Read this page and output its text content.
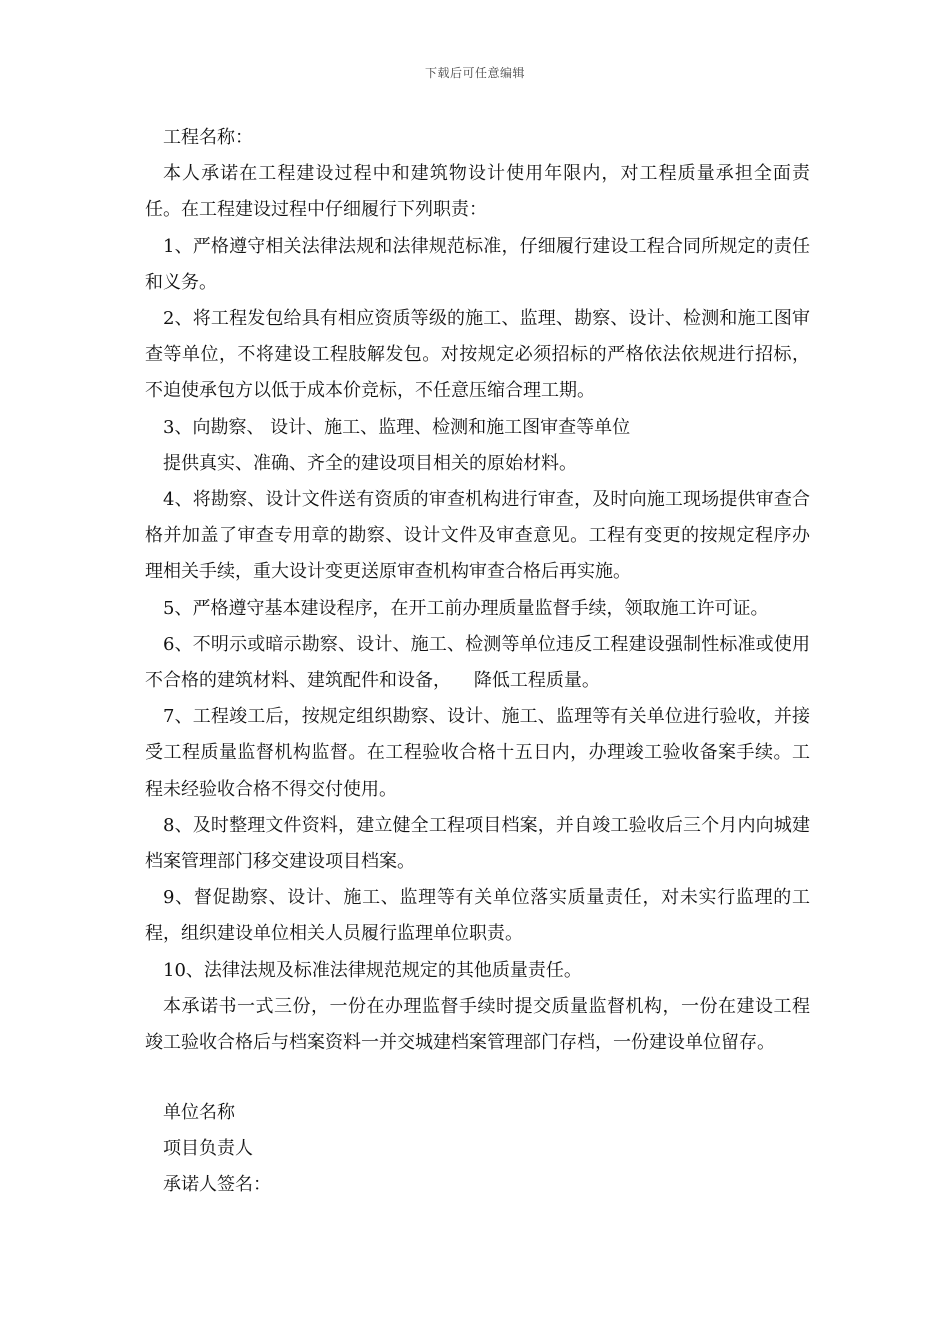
下载后可任意编辑

工程名称：

本人承诺在工程建设过程中和建筑物设计使用年限内，对工程质量承担全面责任。在工程建设过程中仔细履行下列职责：

1、严格遵守相关法律法规和法律规范标准，仔细履行建设工程合同所规定的责任和义务。

2、将工程发包给具有相应资质等级的施工、监理、勘察、设计、检测和施工图审查等单位，不将建设工程肢解发包。对按规定必须招标的严格依法依规进行招标，不迫使承包方以低于成本价竞标，不任意压缩合理工期。

3、向勘察、 设计、施工、监理、检测和施工图审查等单位

提供真实、准确、齐全的建设项目相关的原始材料。

4、将勘察、设计文件送有资质的审查机构进行审查，及时向施工现场提供审查合格并加盖了审查专用章的勘察、设计文件及审查意见。工程有变更的按规定程序办理相关手续，重大设计变更送原审查机构审查合格后再实施。

5、严格遵守基本建设程序，在开工前办理质量监督手续，领取施工许可证。

6、不明示或暗示勘察、设计、施工、检测等单位违反工程建设强制性标准或使用不合格的建筑材料、建筑配件和设备，    降低工程质量。

7、工程竣工后，按规定组织勘察、设计、施工、监理等有关单位进行验收，并接受工程质量监督机构监督。在工程验收合格十五日内，办理竣工验收备案手续。工程未经验收合格不得交付使用。

8、及时整理文件资料，建立健全工程项目档案，并自竣工验收后三个月内向城建档案管理部门移交建设项目档案。

9、督促勘察、设计、施工、监理等有关单位落实质量责任，对未实行监理的工程，组织建设单位相关人员履行监理单位职责。

10、法律法规及标准法律规范规定的其他质量责任。

本承诺书一式三份，一份在办理监督手续时提交质量监督机构，一份在建设工程竣工验收合格后与档案资料一并交城建档案管理部门存档，一份建设单位留存。

单位名称
项目负责人
承诺人签名：
